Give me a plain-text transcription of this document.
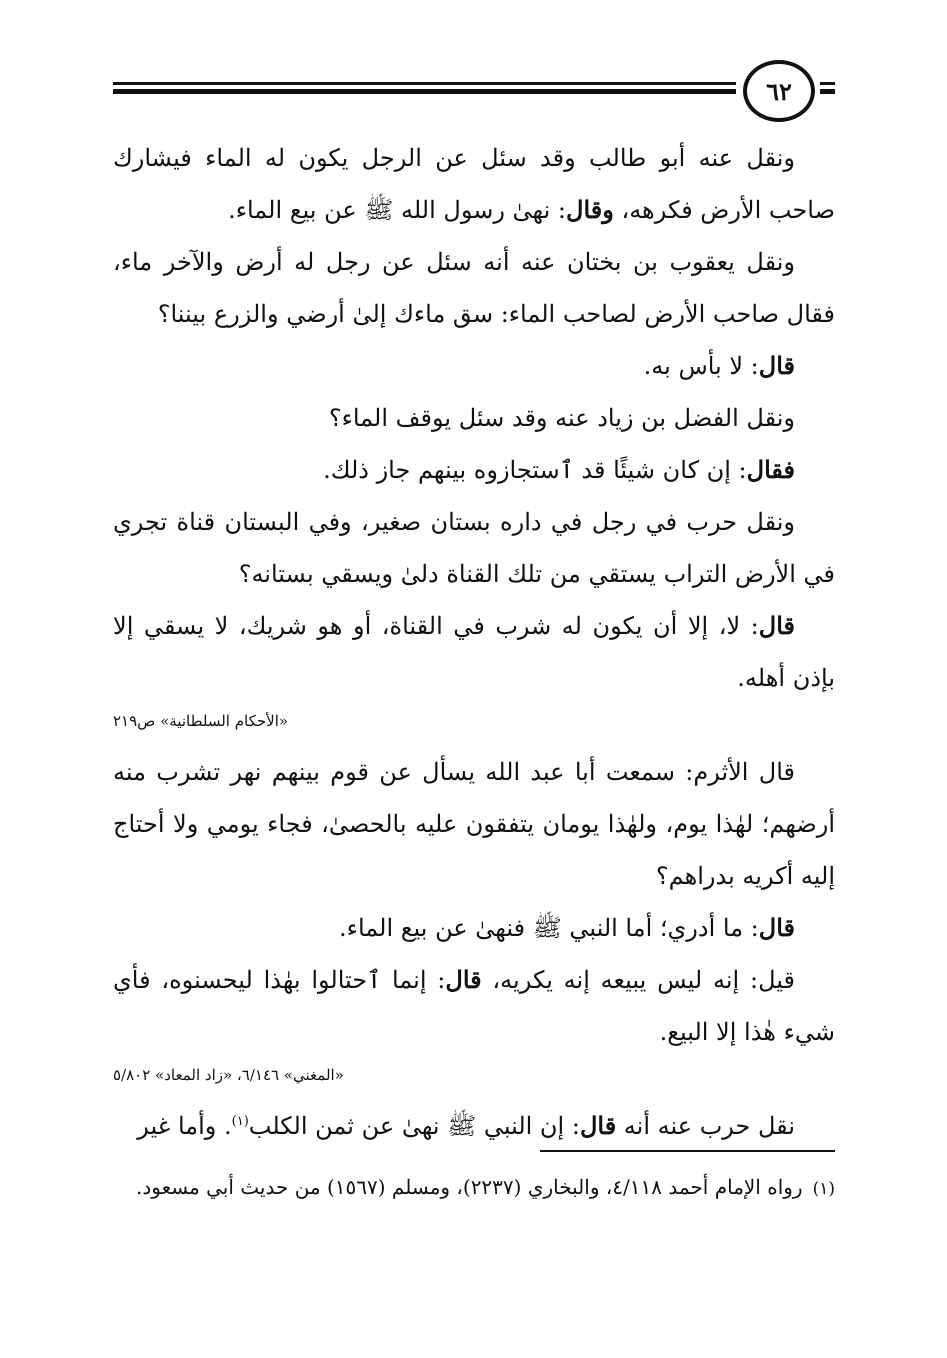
٦٢

ونقل عنه أبو طالب وقد سئل عن الرجل يكون له الماء فيشارك صاحب الأرض فكرهه، وقال: نهىٰ رسول الله ﷺ عن بيع الماء.

ونقل يعقوب بن بختان عنه أنه سئل عن رجل له أرض والآخر ماء، فقال صاحب الأرض لصاحب الماء: سق ماءك إلىٰ أرضي والزرع بيننا؟

قال: لا بأس به.

ونقل الفضل بن زياد عنه وقد سئل يوقف الماء؟

فقال: إن كان شيئًا قد ٱستجازوه بينهم جاز ذلك.

ونقل حرب في رجل في داره بستان صغير، وفي البستان قناة تجري في الأرض التراب يستقي من تلك القناة دلىٰ ويسقي بستانه؟

قال: لا، إلا أن يكون له شرب في القناة، أو هو شريك، لا يسقي إلا بإذن أهله.

«الأحكام السلطانية» ص٢١٩

قال الأثرم: سمعت أبا عبد الله يسأل عن قوم بينهم نهر تشرب منه أرضهم؛ لهٰذا يوم، ولهٰذا يومان يتفقون عليه بالحصىٰ، فجاء يومي ولا أحتاج إليه أكريه بدراهم؟

قال: ما أدري؛ أما النبي ﷺ فنهىٰ عن بيع الماء.

قيل: إنه ليس يبيعه إنه يكريه، قال: إنما ٱحتالوا بهٰذا ليحسنوه، فأي شيء هٰذا إلا البيع.

«المغني» ٦/١٤٦، «زاد المعاد» ٥/٨٠٢

نقل حرب عنه أنه قال: إن النبي ﷺ نهىٰ عن ثمن الكلب$^{(١)}$. وأما غير

(١)رواه الإمام أحمد ٤/١١٨، والبخاري (٢٢٣٧)، ومسلم (١٥٦٧) من حديث أبي مسعود.
